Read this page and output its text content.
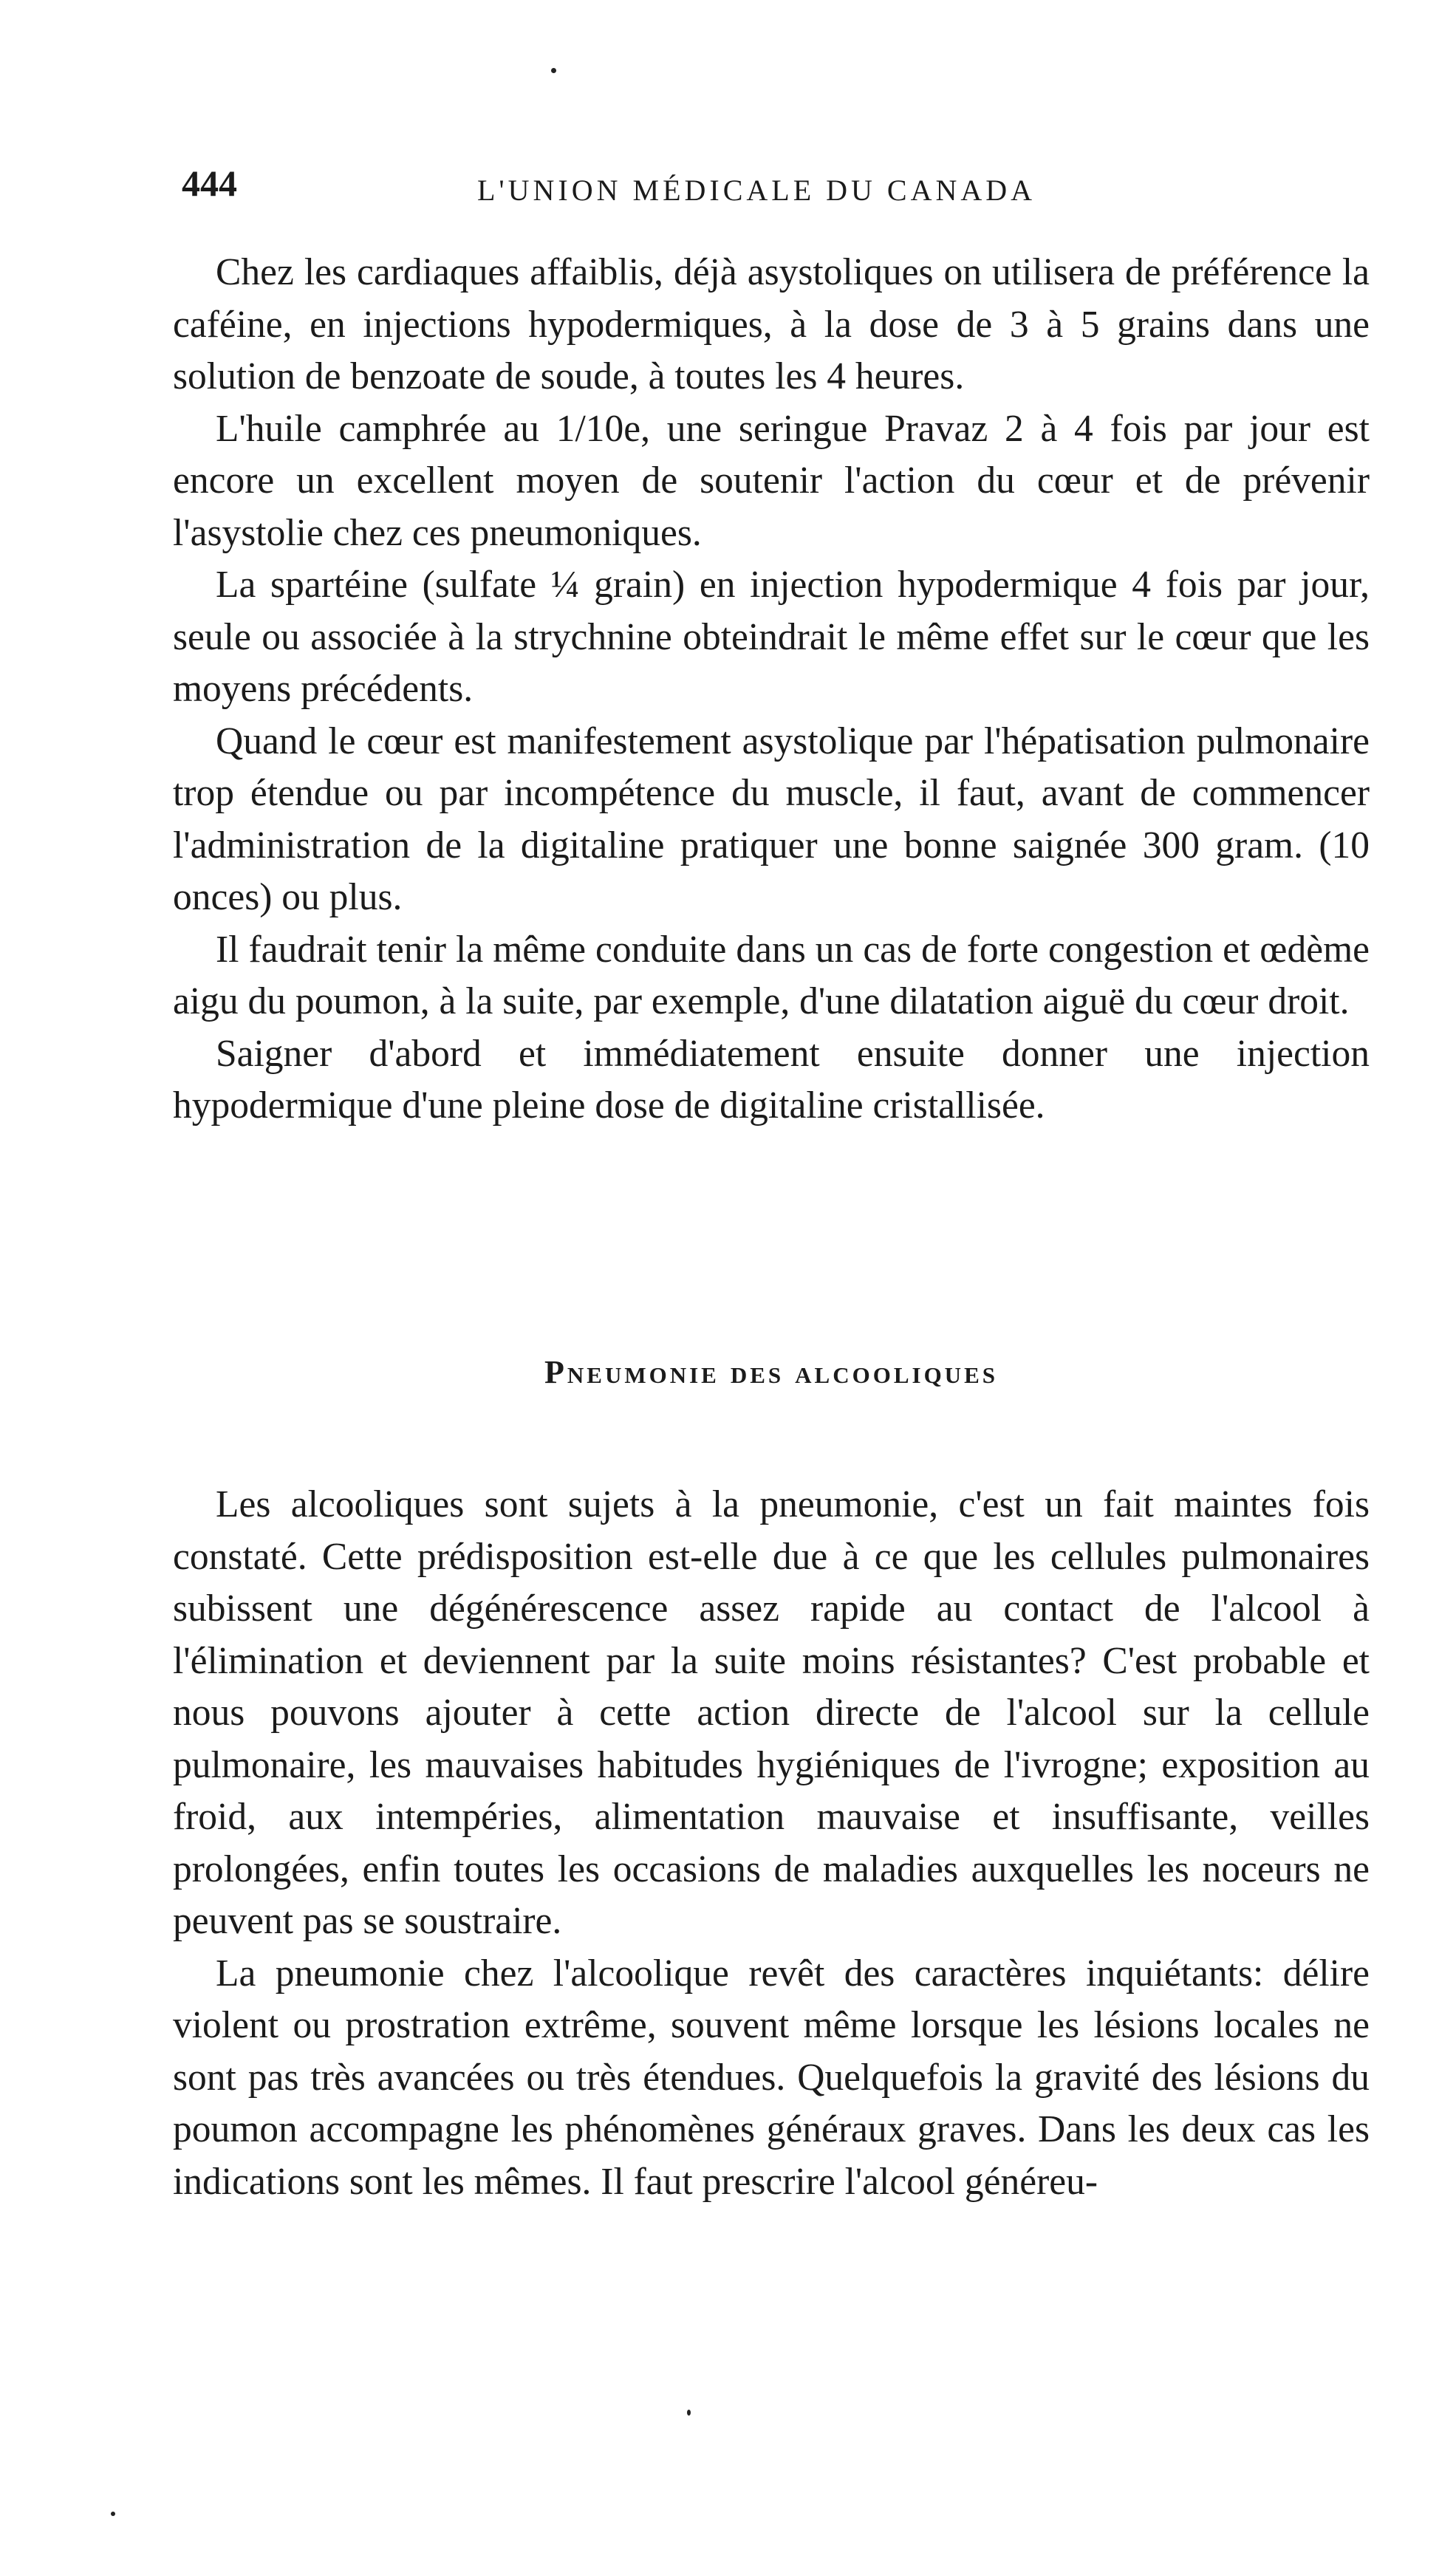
444	L'UNION MÉDICALE DU CANADA

Chez les cardiaques affaiblis, déjà asystoliques on utilisera de préférence la caféine, en injections hypodermiques, à la dose de 3 à 5 grains dans une solution de benzoate de soude, à toutes les 4 heures.

L'huile camphrée au 1/10e, une seringue Pravaz 2 à 4 fois par jour est encore un excellent moyen de soutenir l'action du cœur et de prévenir l'asystolie chez ces pneumoniques.

La spartéine (sulfate ¼ grain) en injection hypodermique 4 fois par jour, seule ou associée à la strychnine obteindrait le même effet sur le cœur que les moyens précédents.

Quand le cœur est manifestement asystolique par l'hépatisation pulmonaire trop étendue ou par incompétence du muscle, il faut, avant de commencer l'administration de la digitaline pratiquer une bonne saignée 300 gram. (10 onces) ou plus.

Il faudrait tenir la même conduite dans un cas de forte congestion et œdème aigu du poumon, à la suite, par exemple, d'une dilatation aiguë du cœur droit.

Saigner d'abord et immédiatement ensuite donner une injection hypodermique d'une pleine dose de digitaline cristallisée.

Pneumonie des alcooliques

Les alcooliques sont sujets à la pneumonie, c'est un fait maintes fois constaté. Cette prédisposition est-elle due à ce que les cellules pulmonaires subissent une dégénérescence assez rapide au contact de l'alcool à l'élimination et deviennent par la suite moins résistantes? C'est probable et nous pouvons ajouter à cette action directe de l'alcool sur la cellule pulmonaire, les mauvaises habitudes hygiéniques de l'ivrogne; exposition au froid, aux intempéries, alimentation mauvaise et insuffisante, veilles prolongées, enfin toutes les occasions de maladies auxquelles les noceurs ne peuvent pas se soustraire.

La pneumonie chez l'alcoolique revêt des caractères inquiétants: délire violent ou prostration extrême, souvent même lorsque les lésions locales ne sont pas très avancées ou très étendues. Quelquefois la gravité des lésions du poumon accompagne les phénomènes généraux graves. Dans les deux cas les indications sont les mêmes. Il faut prescrire l'alcool généreu-
